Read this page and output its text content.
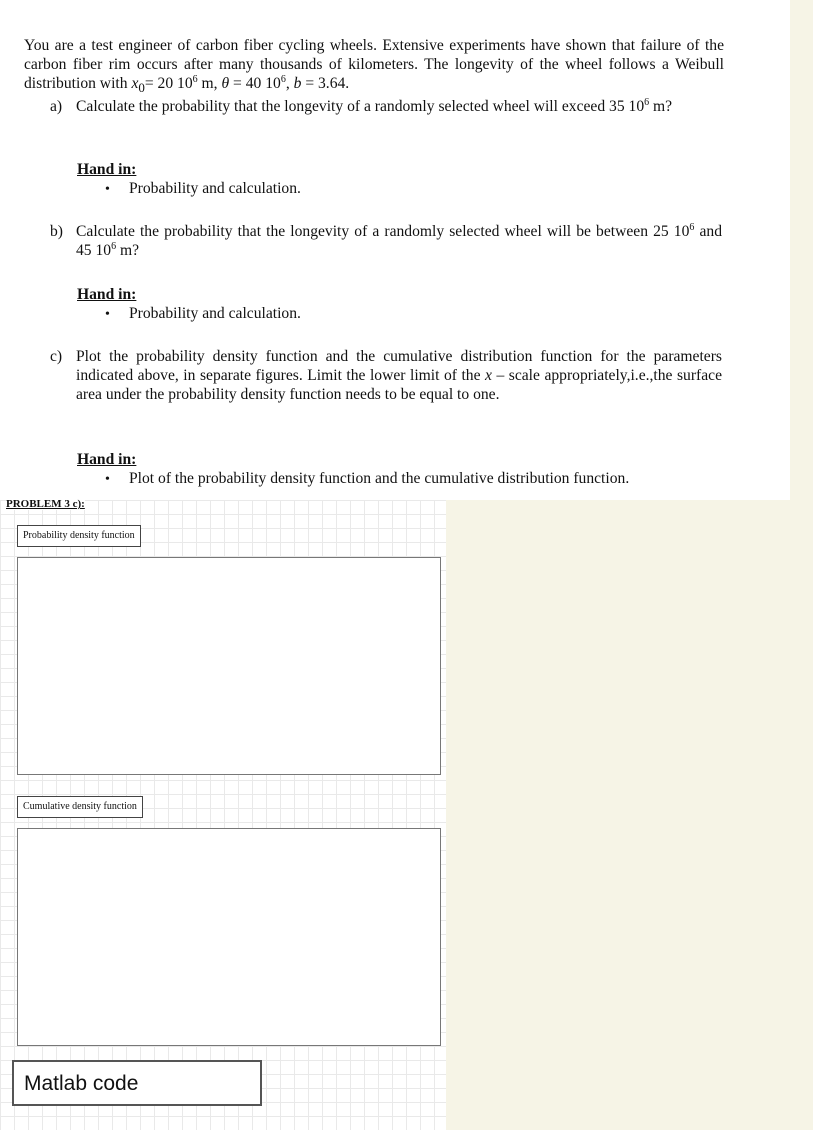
You are a test engineer of carbon fiber cycling wheels. Extensive experiments have shown that failure of the carbon fiber rim occurs after many thousands of kilometers. The longevity of the wheel follows a Weibull distribution with $x_0= 20$ $10^6$ m, θ = 40 $10^6$, b = 3.64.
a) Calculate the probability that the longevity of a randomly selected wheel will exceed 35 $10^6$ m?
Hand in:
• Probability and calculation.
b) Calculate the probability that the longevity of a randomly selected wheel will be between 25 $10^6$ and 45 $10^6$ m?
Hand in:
• Probability and calculation.
c) Plot the probability density function and the cumulative distribution function for the parameters indicated above, in separate figures. Limit the lower limit of the x – scale appropriately,i.e.,the surface area under the probability density function needs to be equal to one.
Hand in:
• Plot of the probability density function and the cumulative distribution function.
PROBLEM 3 c):
Probability density function
Cumulative density function
Matlab code
